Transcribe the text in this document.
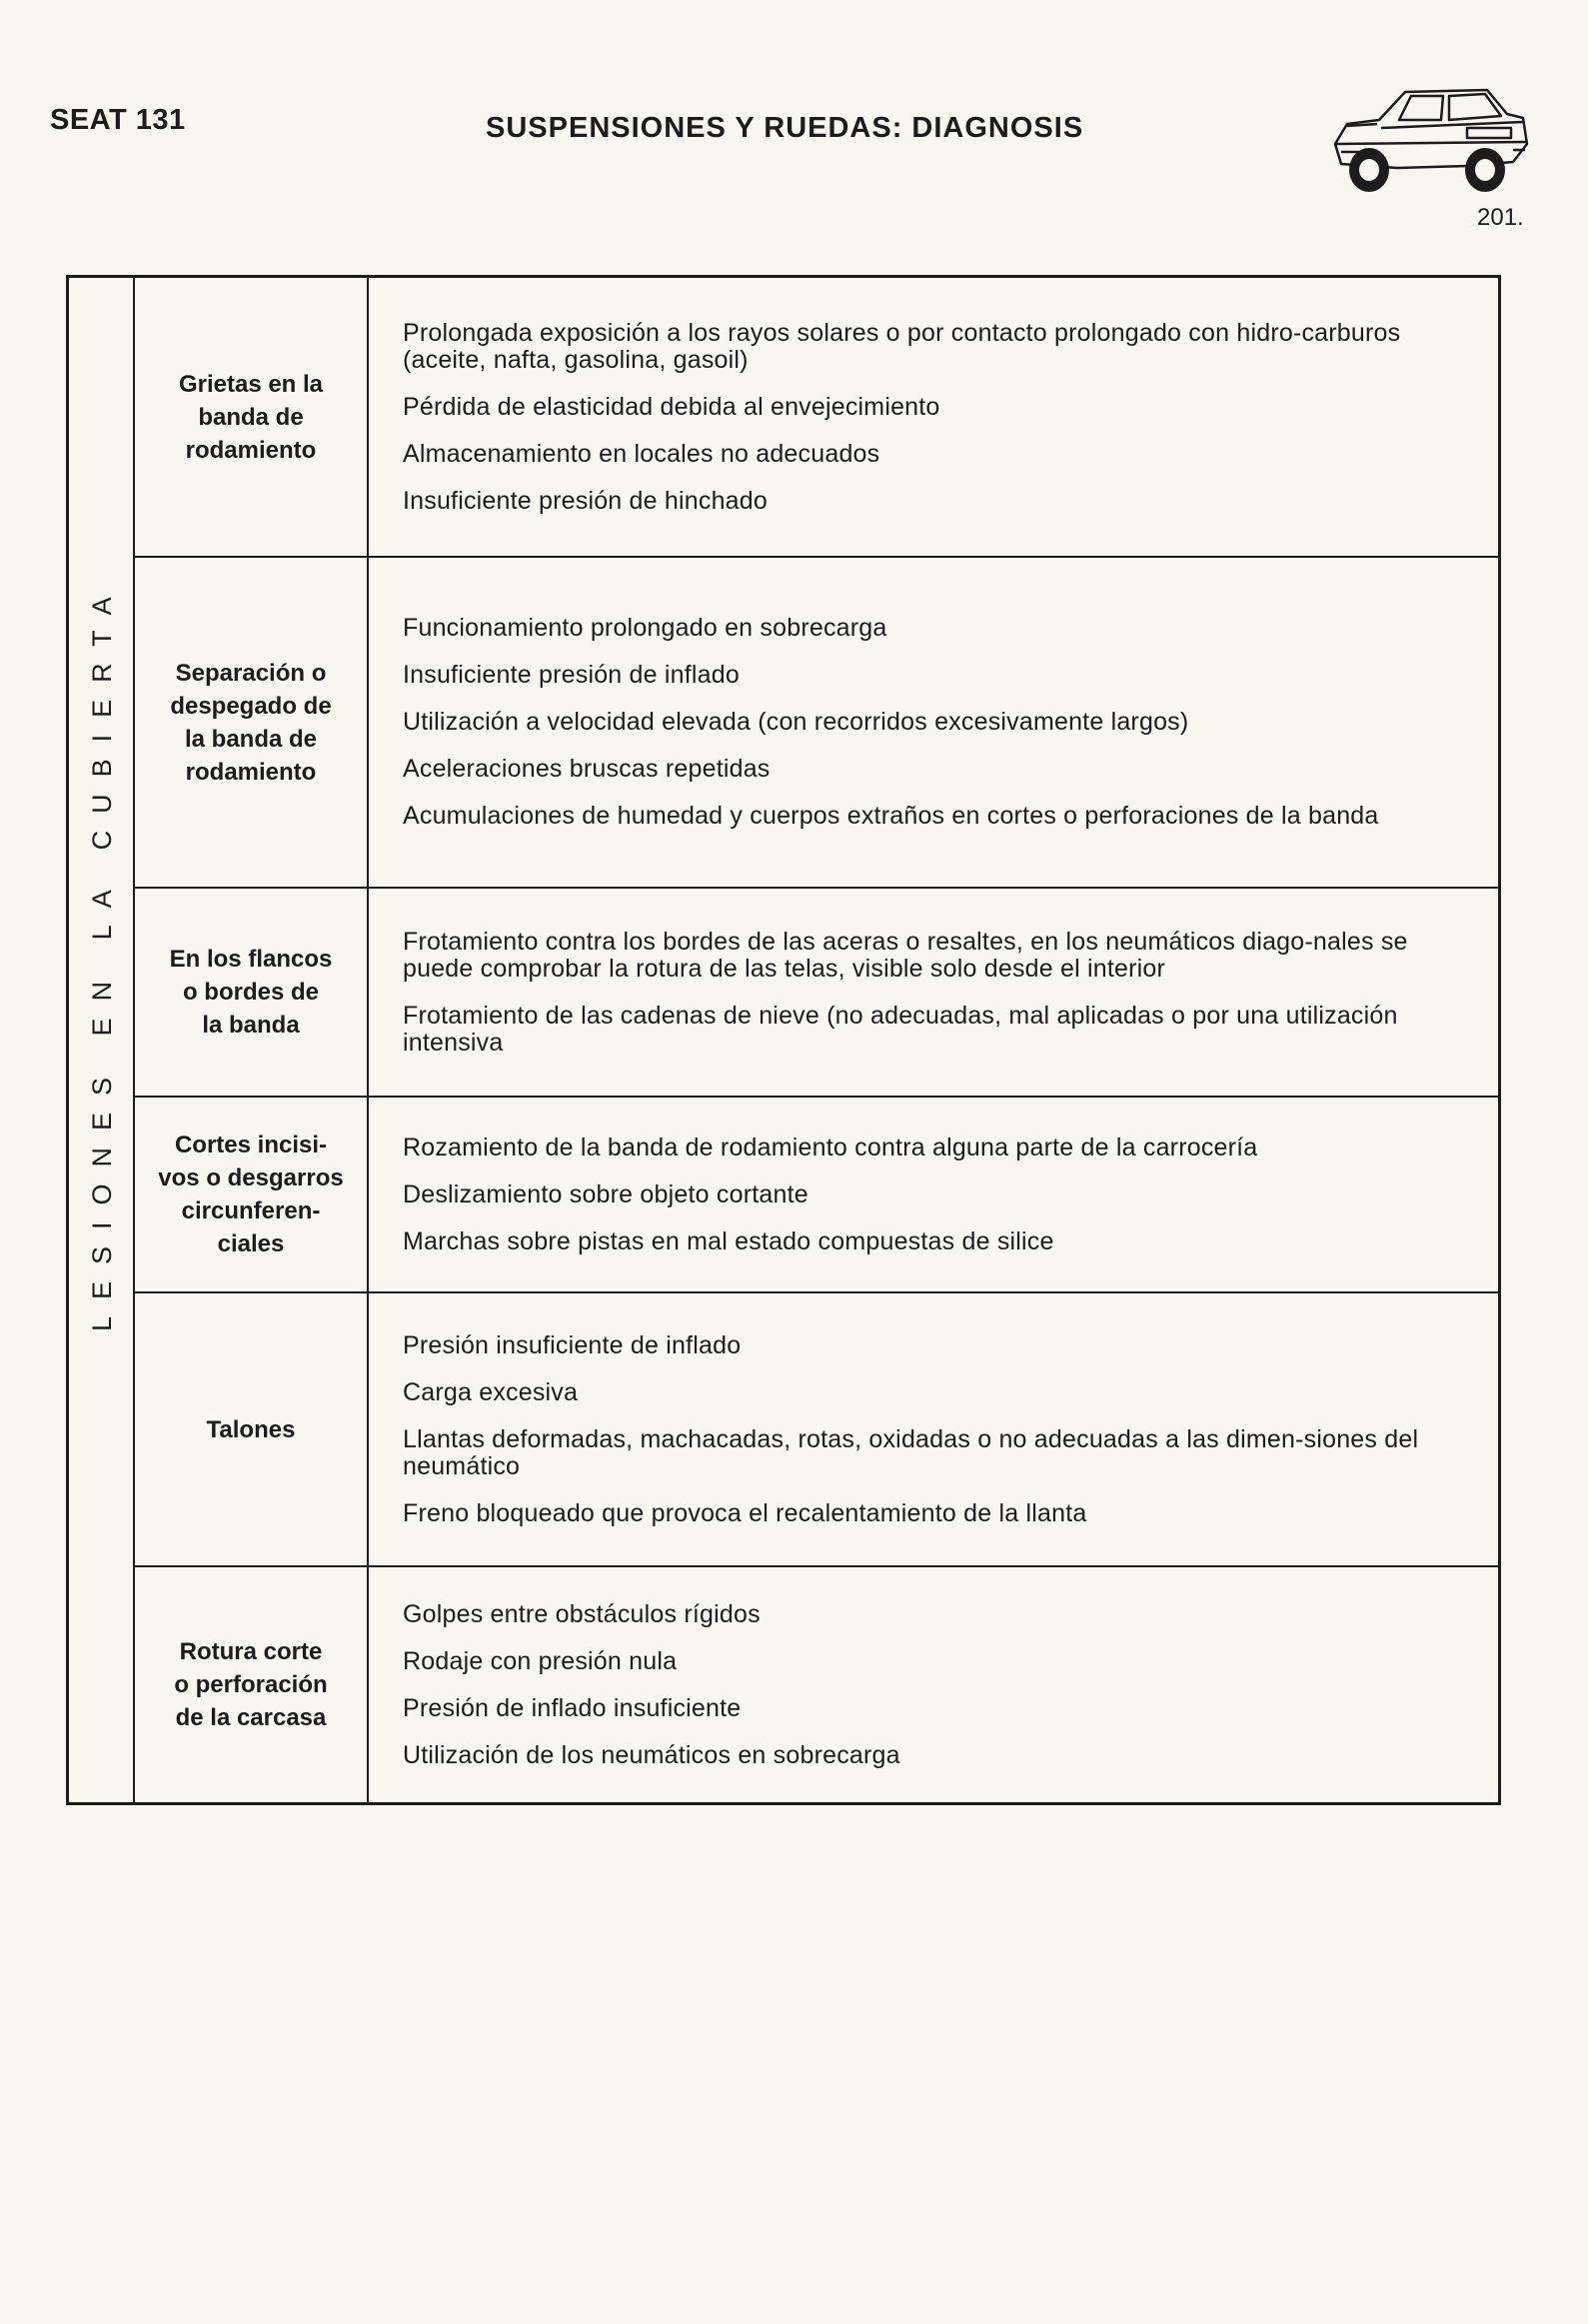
SEAT 131	SUSPENSIONES Y RUEDAS: DIAGNOSIS
201.
LESIONES EN LA CUBIERTA
Grietas en la
banda de
rodamiento
Prolongada exposición a los rayos solares o por contacto prolongado con hidro-carburos (aceite, nafta, gasolina, gasoil)
Pérdida de elasticidad debida al envejecimiento
Almacenamiento en locales no adecuados
Insuficiente presión de hinchado
Separación o
despegado de
la banda de
rodamiento
Funcionamiento prolongado en sobrecarga
Insuficiente presión de inflado
Utilización a velocidad elevada (con recorridos excesivamente largos)
Aceleraciones bruscas repetidas
Acumulaciones de humedad y cuerpos extraños en cortes o perforaciones de la banda
En los flancos
o bordes de
la banda
Frotamiento contra los bordes de las aceras o resaltes, en los neumáticos diago-nales se puede comprobar la rotura de las telas, visible solo desde el interior
Frotamiento de las cadenas de nieve (no adecuadas, mal aplicadas o por una utilización intensiva
Cortes incisi-
vos o desgarros
circunferen-
ciales
Rozamiento de la banda de rodamiento contra alguna parte de la carrocería
Deslizamiento sobre objeto cortante
Marchas sobre pistas en mal estado compuestas de silice
Talones
Presión insuficiente de inflado
Carga excesiva
Llantas deformadas, machacadas, rotas, oxidadas o no adecuadas a las dimen-siones del neumático
Freno bloqueado que provoca el recalentamiento de la llanta
Rotura corte
o perforación
de la carcasa
Golpes entre obstáculos rígidos
Rodaje con presión nula
Presión de inflado insuficiente
Utilización de los neumáticos en sobrecarga
